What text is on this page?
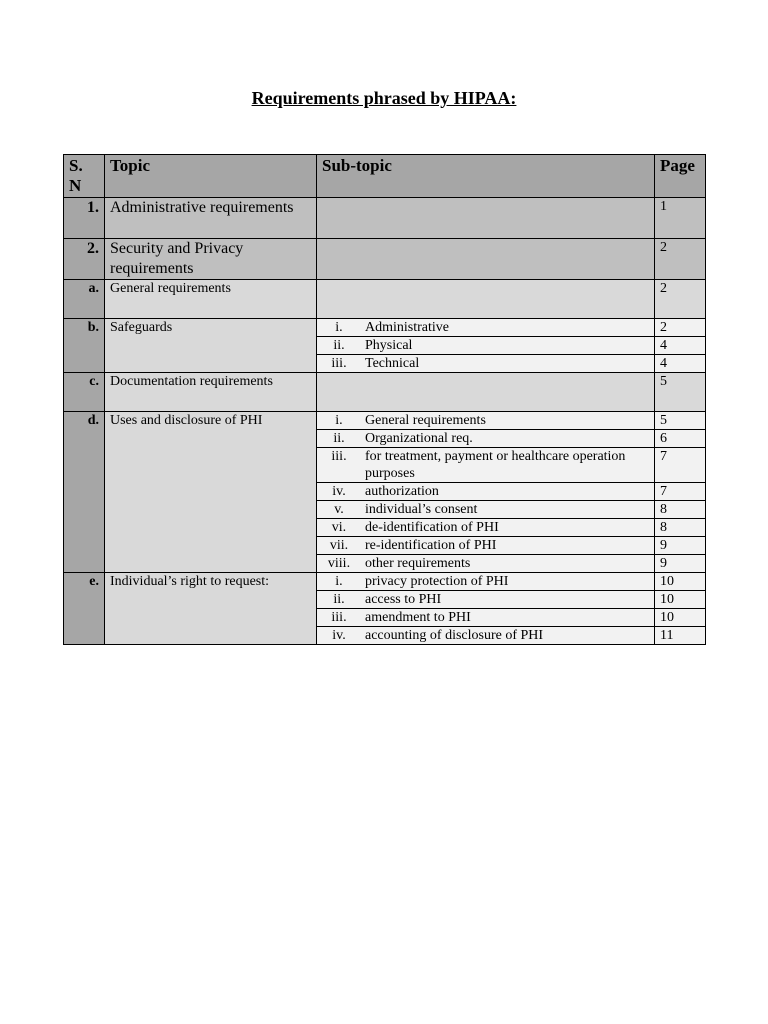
Requirements phrased by HIPAA:
S. N	Topic	Sub-topic	Page
1.	Administrative requirements		1
2.	Security and Privacy requirements		2
a.	General requirements		2
b.	Safeguards	i. Administrative	2
		ii. Physical	4
		iii. Technical	4
c.	Documentation requirements		5
d.	Uses and disclosure of PHI	i. General requirements	5
		ii. Organizational req.	6
		iii. for treatment, payment or healthcare operation purposes	7
		iv. authorization	7
		v. individual’s consent	8
		vi. de-identification of PHI	8
		vii. re-identification of PHI	9
		viii. other requirements	9
e.	Individual’s right to request:	i. privacy protection of PHI	10
		ii. access to PHI	10
		iii. amendment to PHI	10
		iv. accounting of disclosure of PHI	11
